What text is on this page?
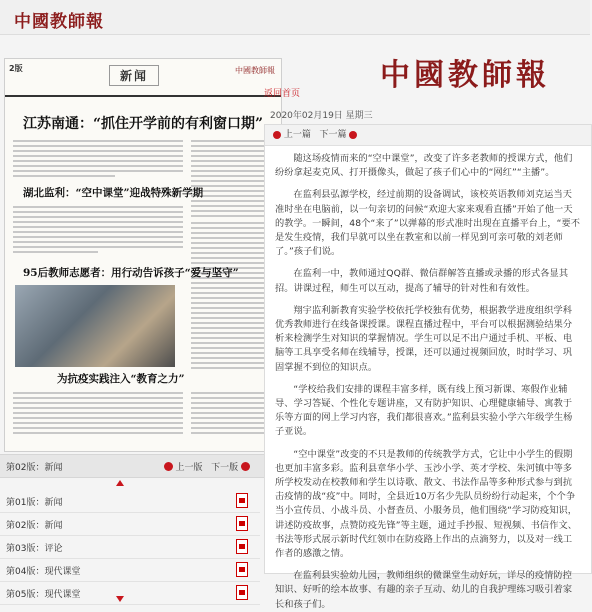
中國教師報
2版
新闻	中國教師報
江苏南通：“抓住开学前的有利窗口期”
湖北监利：“空中课堂”迎战特殊新学期
95后教师志愿者：用行动告诉孩子“爱与坚守”
为抗疫实践注入“教育之力”
第02版：新闻	上一版 下一版
第01版：新闻
第02版：新闻
第03版：评论
第04版：现代课堂
第05版：现代课堂
中國教師報
返回首页
2020年02月19日 星期三
上一篇 下一篇

随这场疫情而来的“空中课堂”，改变了许多老教师的授课方式，他们纷纷拿起麦克风、打开摄像头，做起了孩子们心中的“网红”“主播”。

在监利县弘源学校，经过前期的设备调试，该校英语教师刘克运当天准时坐在电脑前，以一句亲切的问候“欢迎大家来观看直播”开始了他一天的教学。一瞬间，48个“来了”以弹幕的形式准时出现在直播平台上，“要不是发生疫情，我们早就可以坐在教室和以前一样见到可亲可敬的刘老师了。”孩子们说。

在监利一中，教师通过QQ群、微信群解答直播或录播的形式各显其招。讲课过程，师生可以互动，提高了辅导的针对性和有效性。

翔宇监利新教育实验学校依托学校独有优势，根据教学进度组织学科优秀教师进行在线备课授课。课程直播过程中，平台可以根据测验结果分析来检测学生对知识的掌握情况。学生可以足不出户通过手机、平板、电脑等工具享受名师在线辅导，授课，还可以通过视频回放，时时学习、巩固掌握不到位的知识点。

“学校给我们安排的课程丰富多样，既有线上预习新课、寒假作业辅导、学习答疑、个性化专题讲座，又有防护知识、心理健康辅导、寓教于乐等方面的网上学习内容，我们都很喜欢。”监利县实验小学六年级学生杨子亚说。

“空中课堂”改变的不只是教师的传统教学方式，它让中小学生的假期也更加丰富多彩。监利县章华小学、玉沙小学、英才学校、朱河镇中等多所学校发动在校教师和学生以诗歌、散文、书法作品等多种形式参与到抗击疫情的战“疫”中。同时，全县近10万名少先队员纷纷行动起来，个个争当小宣传员、小战斗员、小督查员、小服务员，他们围绕“学习防疫知识，讲述防疫故事，点赞防疫先锋”等主题，通过手抄报、短视频、书信作文、书法等形式展示新时代红领巾在防疫路上作出的点滴努力，以及对一线工作者的感激之情。

在监利县实验幼儿园，教师组织的微课堂生动好玩，详尽的疫情防控知识、好听的绘本故事、有趣的亲子互动、幼儿的自我护理练习吸引着家长和孩子们。
